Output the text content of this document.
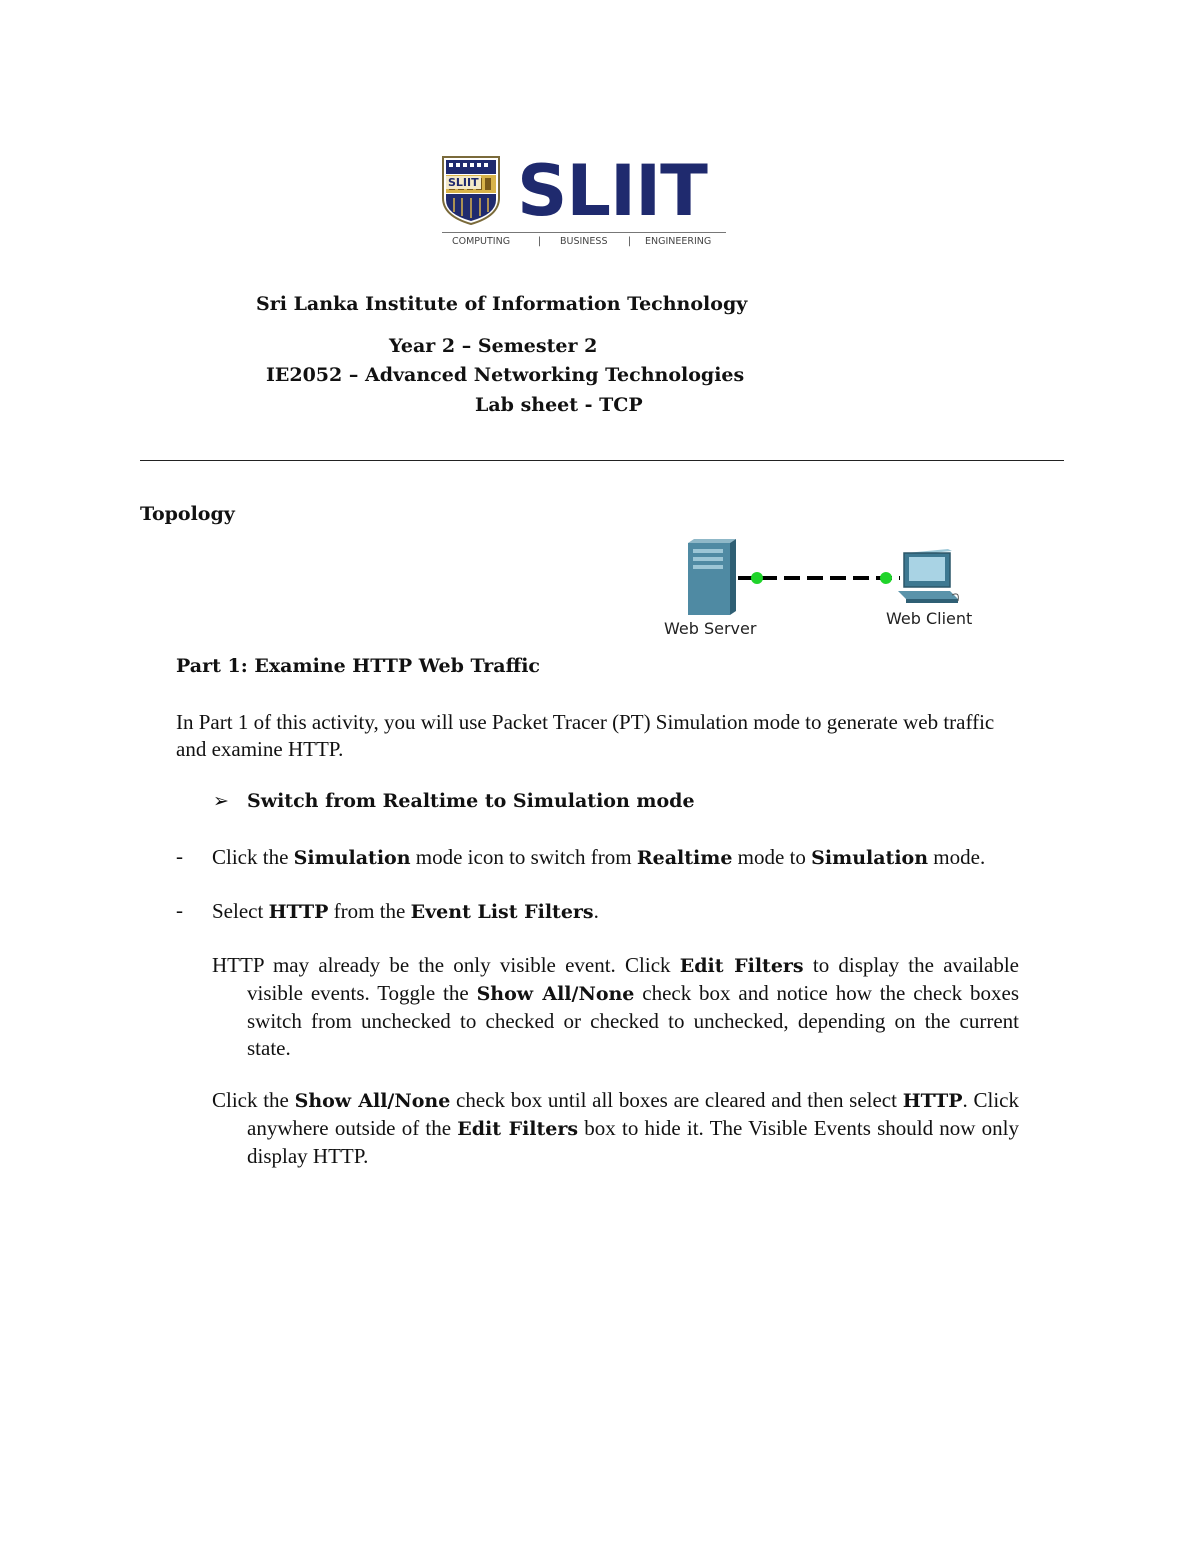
SLIIT SLIIT
COMPUTING	| BUSINESS | ENGINEERING
Sri Lanka Institute of Information Technology
Year 2 – Semester 2
IE2052 – Advanced Networking Technologies
Lab sheet - TCP
Topology
Web Server
Web Client
Part 1: Examine HTTP Web Traffic
In Part 1 of this activity, you will use Packet Tracer (PT) Simulation mode to generate web traffic and examine HTTP.
➢ Switch from Realtime to Simulation mode
- Click the Simulation mode icon to switch from Realtime mode to Simulation mode.
- Select HTTP from the Event List Filters.
HTTP may already be the only visible event. Click Edit Filters to display the available visible events. Toggle the Show All/None check box and notice how the check boxes switch from unchecked to checked or checked to unchecked, depending on the current state.
Click the Show All/None check box until all boxes are cleared and then select HTTP. Click anywhere outside of the Edit Filters box to hide it. The Visible Events should now only display HTTP.
